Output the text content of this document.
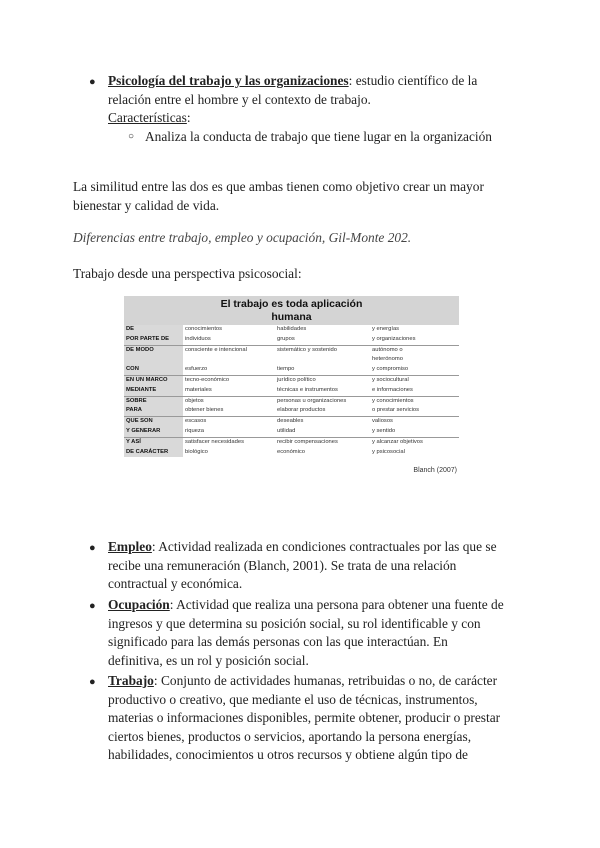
● Psicología del trabajo y las organizaciones: estudio científico de la
relación entre el hombre y el contexto de trabajo.
Características:
○ Analiza la conducta de trabajo que tiene lugar en la organización
La similitud entre las dos es que ambas tienen como objetivo crear un mayor
bienestar y calidad de vida.
Diferencias entre trabajo, empleo y ocupación, Gil-Monte 202.
Trabajo desde una perspectiva psicosocial:
El trabajo es toda aplicación
humana
DE	conocimientos	habilidades	y energías
POR PARTE DE	individuos	grupos	y organizaciones
DE MODO	consciente e intencional	sistemático y sostenido	autónomo o
heterónomo
CON	esfuerzo	tiempo	y compromiso
EN UN MARCO	tecno-económico	jurídico político	y sociocultural
MEDIANTE	materiales	técnicas e instrumentos	e informaciones
SOBRE	objetos	personas u organizaciones	y conocimientos
PARA	obtener bienes	elaborar productos	o prestar servicios
QUE SON	escasos	deseables	valiosos
Y GENERAR	riqueza	utilidad	y sentido
Y ASÍ	satisfacer necesidades	recibir compensaciones	y alcanzar objetivos
DE CARÁCTER	biológico	económico	y psicosocial
Blanch (2007)
● Empleo: Actividad realizada en condiciones contractuales por las que se
recibe una remuneración (Blanch, 2001). Se trata de una relación
contractual y económica.
● Ocupación: Actividad que realiza una persona para obtener una fuente de
ingresos y que determina su posición social, su rol identificable y con
significado para las demás personas con las que interactúan. En
definitiva, es un rol y posición social.
● Trabajo: Conjunto de actividades humanas, retribuidas o no, de carácter
productivo o creativo, que mediante el uso de técnicas, instrumentos,
materias o informaciones disponibles, permite obtener, producir o prestar
ciertos bienes, productos o servicios, aportando la persona energías,
habilidades, conocimientos u otros recursos y obtiene algún tipo de
